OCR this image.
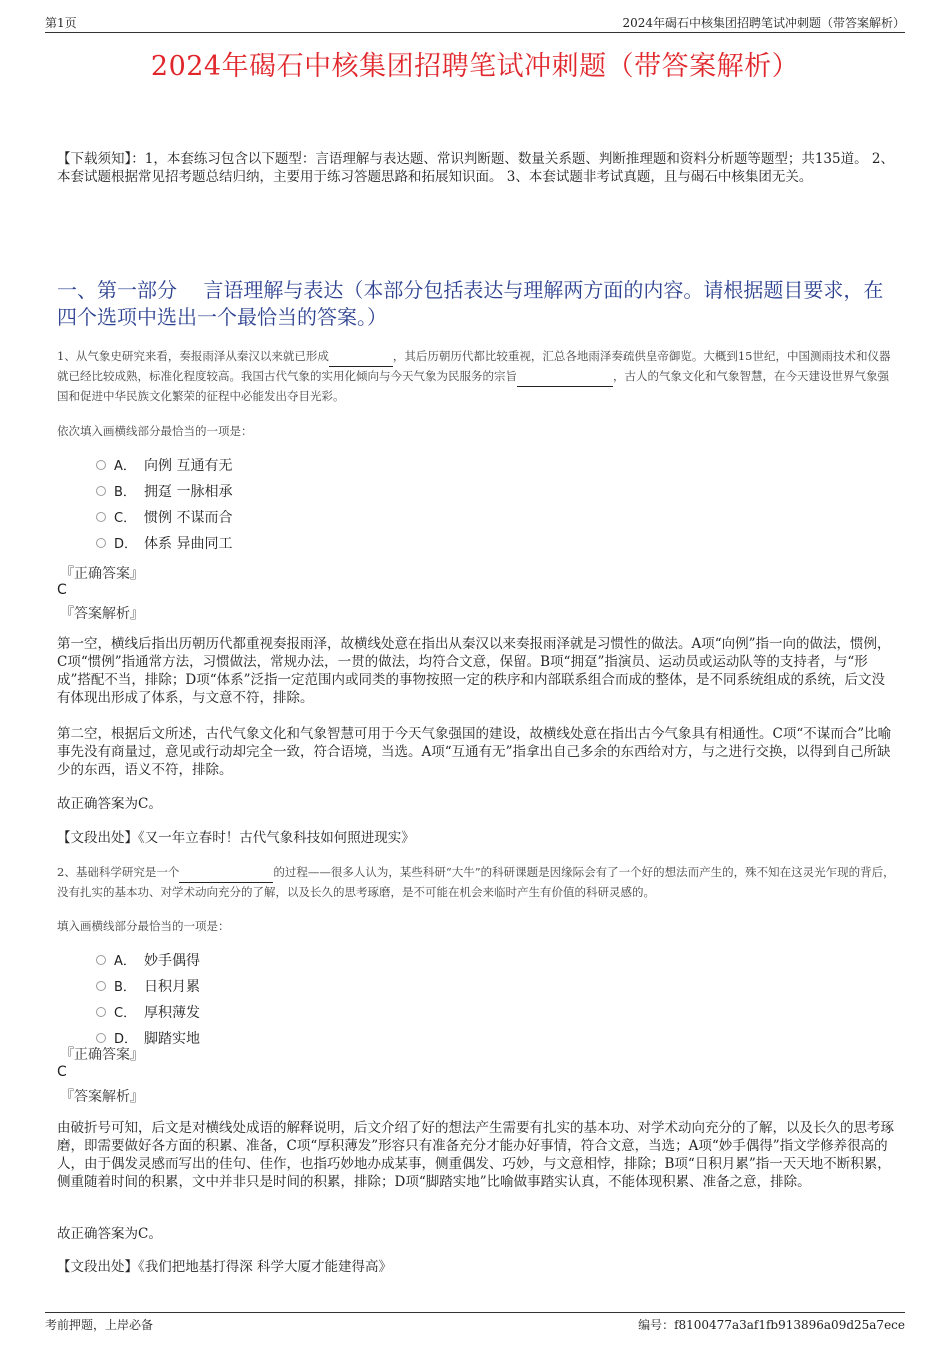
第1页	2024年碣石中核集团招聘笔试冲刺题（带答案解析）
2024年碣石中核集团招聘笔试冲刺题（带答案解析）
【下载须知】：1，本套练习包含以下题型：言语理解与表达题、常识判断题、数量关系题、判断推理题和资料分析题等题型；共135道。 2、本套试题根据常见招考题总结归纳，主要用于练习答题思路和拓展知识面。 3、本套试题非考试真题，且与碣石中核集团无关。
一、第一部分　 言语理解与表达（本部分包括表达与理解两方面的内容。请根据题目要求，在四个选项中选出一个最恰当的答案。）
1、从气象史研究来看，奏报雨泽从秦汉以来就已形成	，其后历朝历代都比较重视，汇总各地雨泽奏疏供皇帝御览。大概到15世纪，中国测雨技术和仪器就已经比较成熟，标准化程度较高。我国古代气象的实用化倾向与今天气象为民服务的宗旨	，古人的气象文化和气象智慧，在今天建设世界气象强国和促进中华民族文化繁荣的征程中必能发出夺目光彩。
依次填入画横线部分最恰当的一项是：
A． 向例 互通有无
B． 拥趸 一脉相承
C． 惯例 不谋而合
D． 体系 异曲同工
『正确答案』
C
『答案解析』
第一空，横线后指出历朝历代都重视奏报雨泽，故横线处意在指出从秦汉以来奏报雨泽就是习惯性的做法。A项“向例”指一向的做法，惯例，C项“惯例”指通常方法，习惯做法，常规办法，一贯的做法，均符合文意，保留。B项“拥趸”指演员、运动员或运动队等的支持者，与“形成”搭配不当，排除；D项“体系”泛指一定范围内或同类的事物按照一定的秩序和内部联系组合而成的整体，是不同系统组成的系统，后文没有体现出形成了体系，与文意不符，排除。
第二空，根据后文所述，古代气象文化和气象智慧可用于今天气象强国的建设，故横线处意在指出古今气象具有相通性。C项“不谋而合”比喻事先没有商量过，意见或行动却完全一致，符合语境，当选。A项“互通有无”指拿出自己多余的东西给对方，与之进行交换，以得到自己所缺少的东西，语义不符，排除。
故正确答案为C。
【文段出处】《又一年立春时！古代气象科技如何照进现实》
2、基础科学研究是一个	的过程——很多人认为，某些科研“大牛”的科研课题是因缘际会有了一个好的想法而产生的，殊不知在这灵光乍现的背后，没有扎实的基本功、对学术动向充分的了解，以及长久的思考琢磨，是不可能在机会来临时产生有价值的科研灵感的。
填入画横线部分最恰当的一项是：
A． 妙手偶得
B． 日积月累
C． 厚积薄发
D． 脚踏实地
『正确答案』
C
『答案解析』
由破折号可知，后文是对横线处成语的解释说明，后文介绍了好的想法产生需要有扎实的基本功、对学术动向充分的了解，以及长久的思考琢磨，即需要做好各方面的积累、准备，C项“厚积薄发”形容只有准备充分才能办好事情，符合文意，当选；A项“妙手偶得”指文学修养很高的人，由于偶发灵感而写出的佳句、佳作，也指巧妙地办成某事，侧重偶发、巧妙，与文意相悖，排除；B项“日积月累”指一天天地不断积累，侧重随着时间的积累，文中并非只是时间的积累，排除；D项“脚踏实地”比喻做事踏实认真，不能体现积累、准备之意，排除。
故正确答案为C。
【文段出处】《我们把地基打得深 科学大厦才能建得高》
考前押题，上岸必备	编号：f8100477a3af1fb913896a09d25a7ece
